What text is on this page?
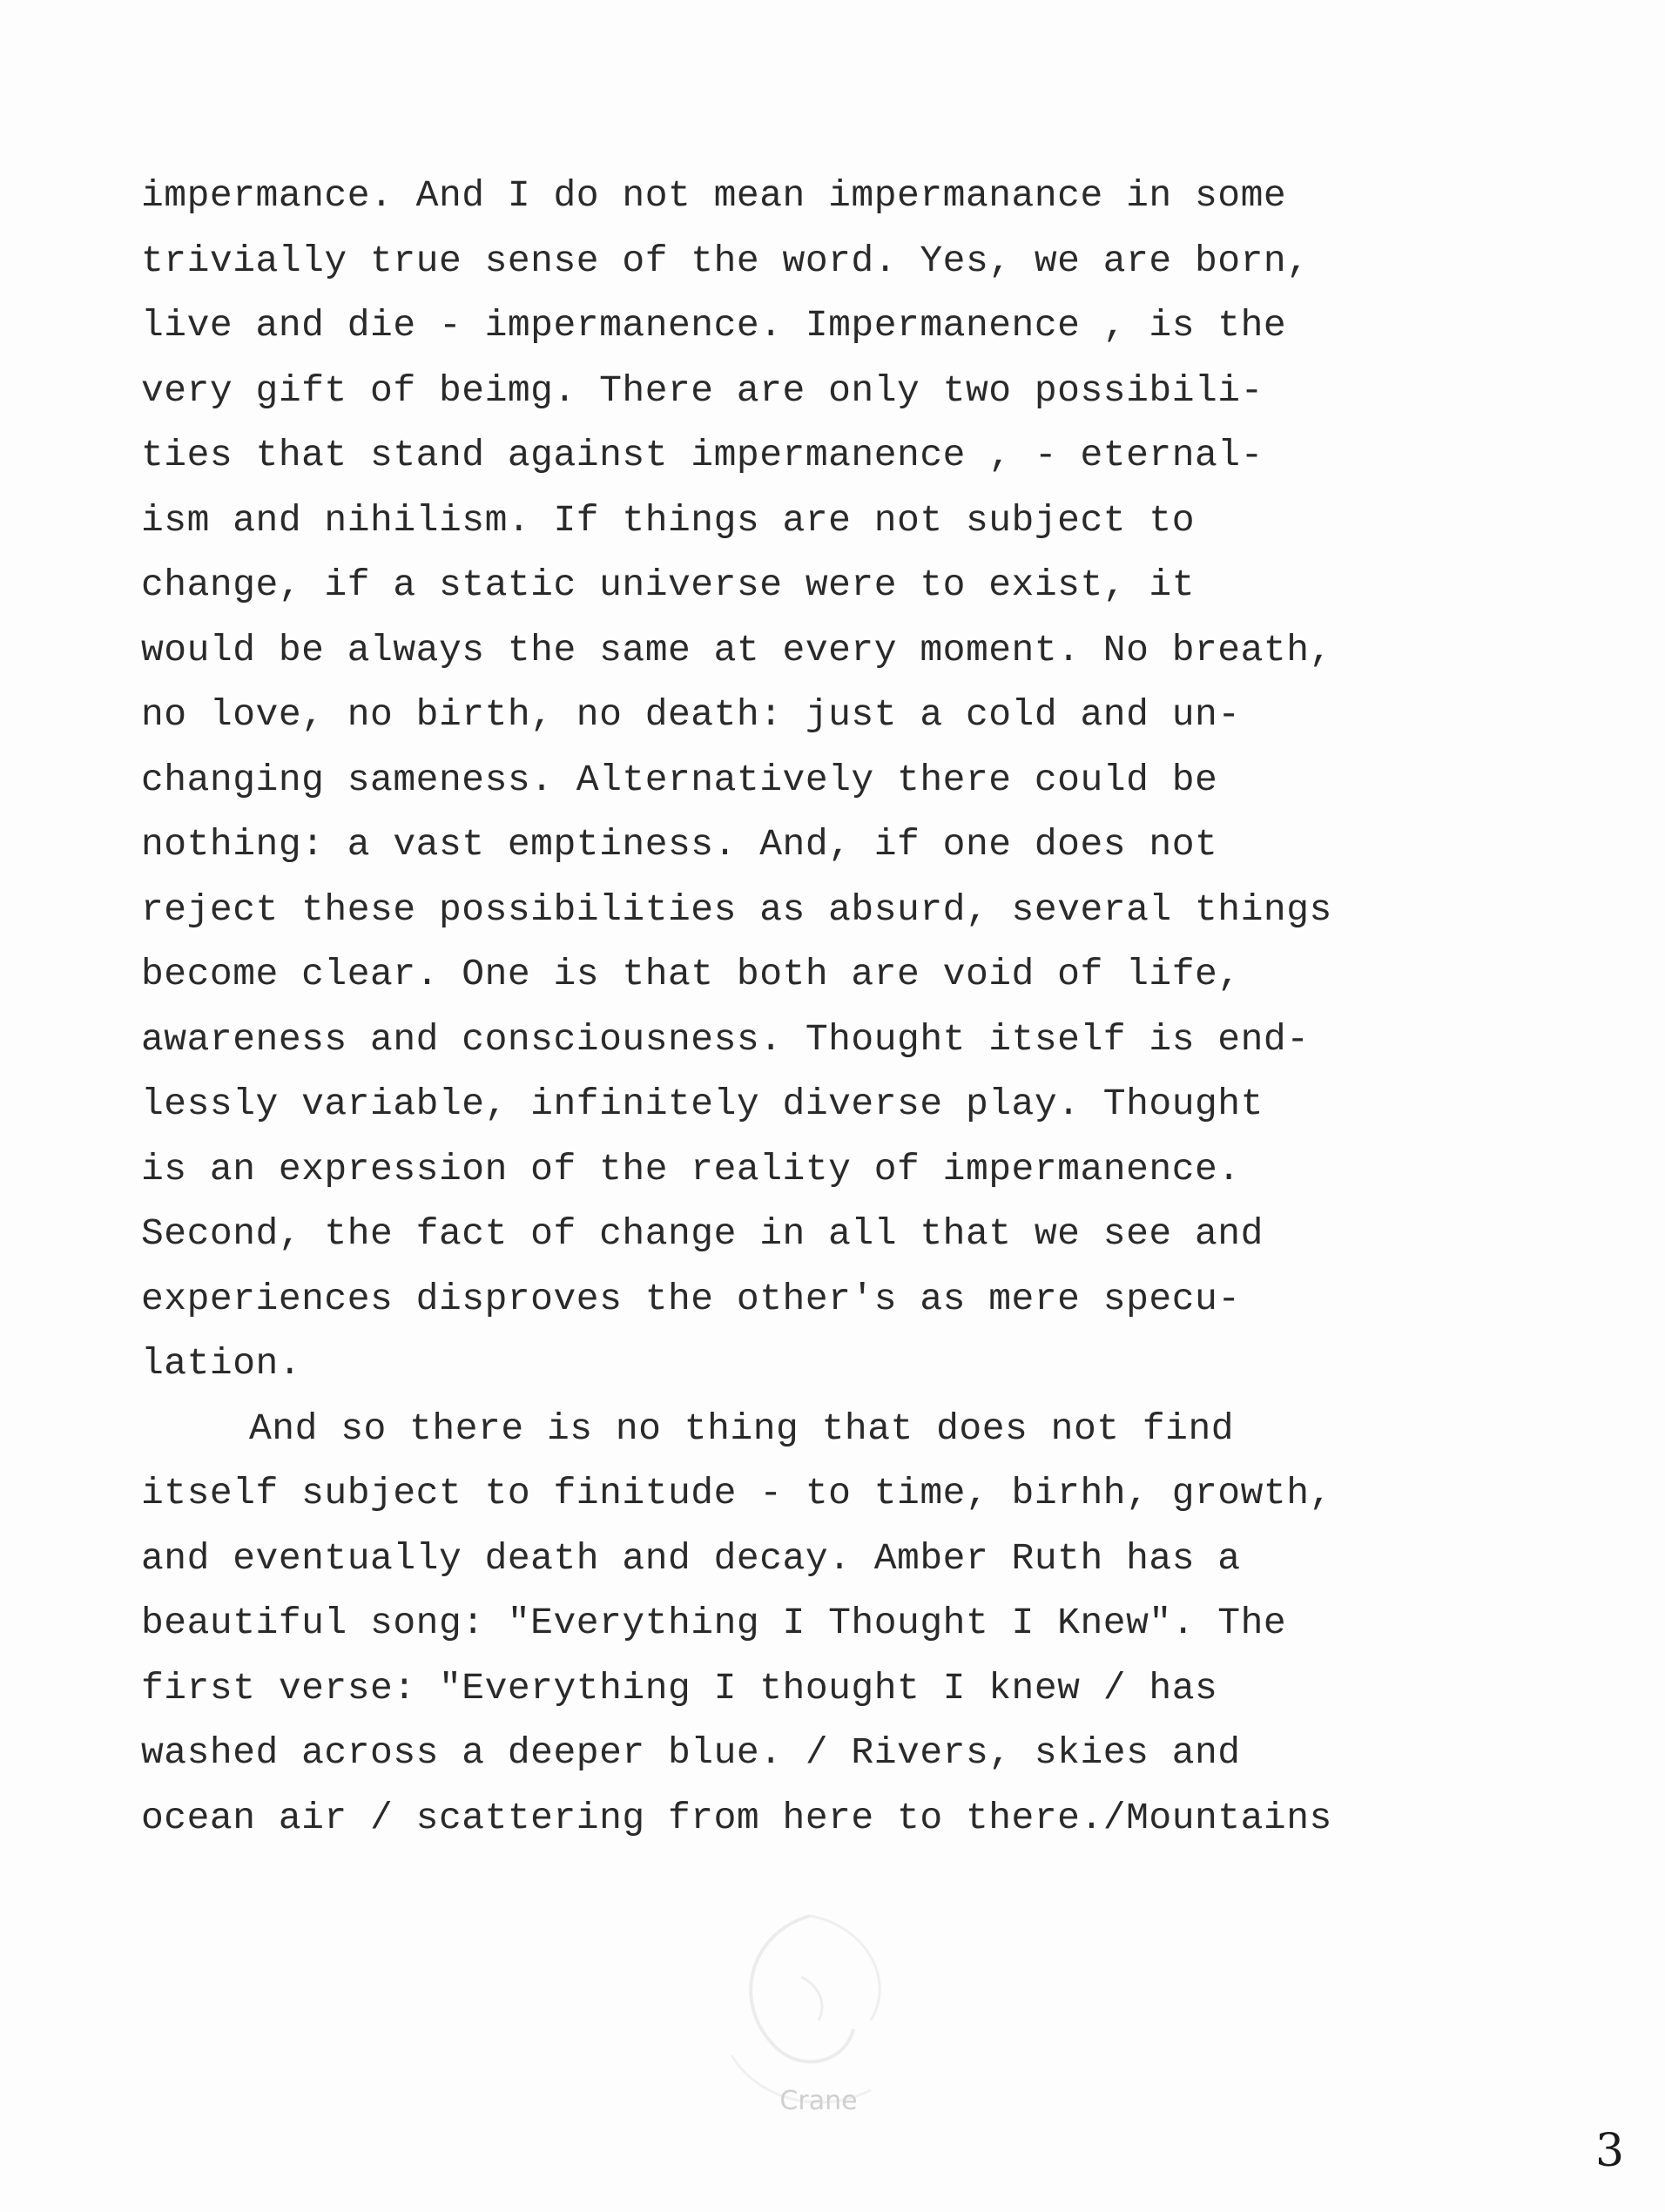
impermance. And I do not mean impermanance in some
trivially true sense of the word. Yes, we are born,
live and die - impermanence. Impermanence , is the
very gift of beimg. There are only two possibili-
ties that stand against impermanence , - eternal-
ism and nihilism. If things are not subject to
change, if a static universe were to exist, it
would be always the same at every moment. No breath,
no love, no birth, no death: just a cold and un-
changing sameness. Alternatively there could be
nothing: a vast emptiness. And, if one does not
reject these possibilities as absurd, several things
become clear. One is that both are void of life,
awareness and consciousness. Thought itself is end-
lessly variable, infinitely diverse play. Thought
is an expression of the reality of impermanence.
Second, the fact of change in all that we see and
experiences disproves the other's as mere specu-
lation.
And so there is no thing that does not find
itself subject to finitude - to time, birhh, growth,
and eventually death and decay. Amber Ruth has a
beautiful song: "Everything I Thought I Knew". The
first verse: "Everything I thought I knew / has
washed across a deeper blue. / Rivers, skies and
ocean air / scattering from here to there./Mountains
Crane
3
